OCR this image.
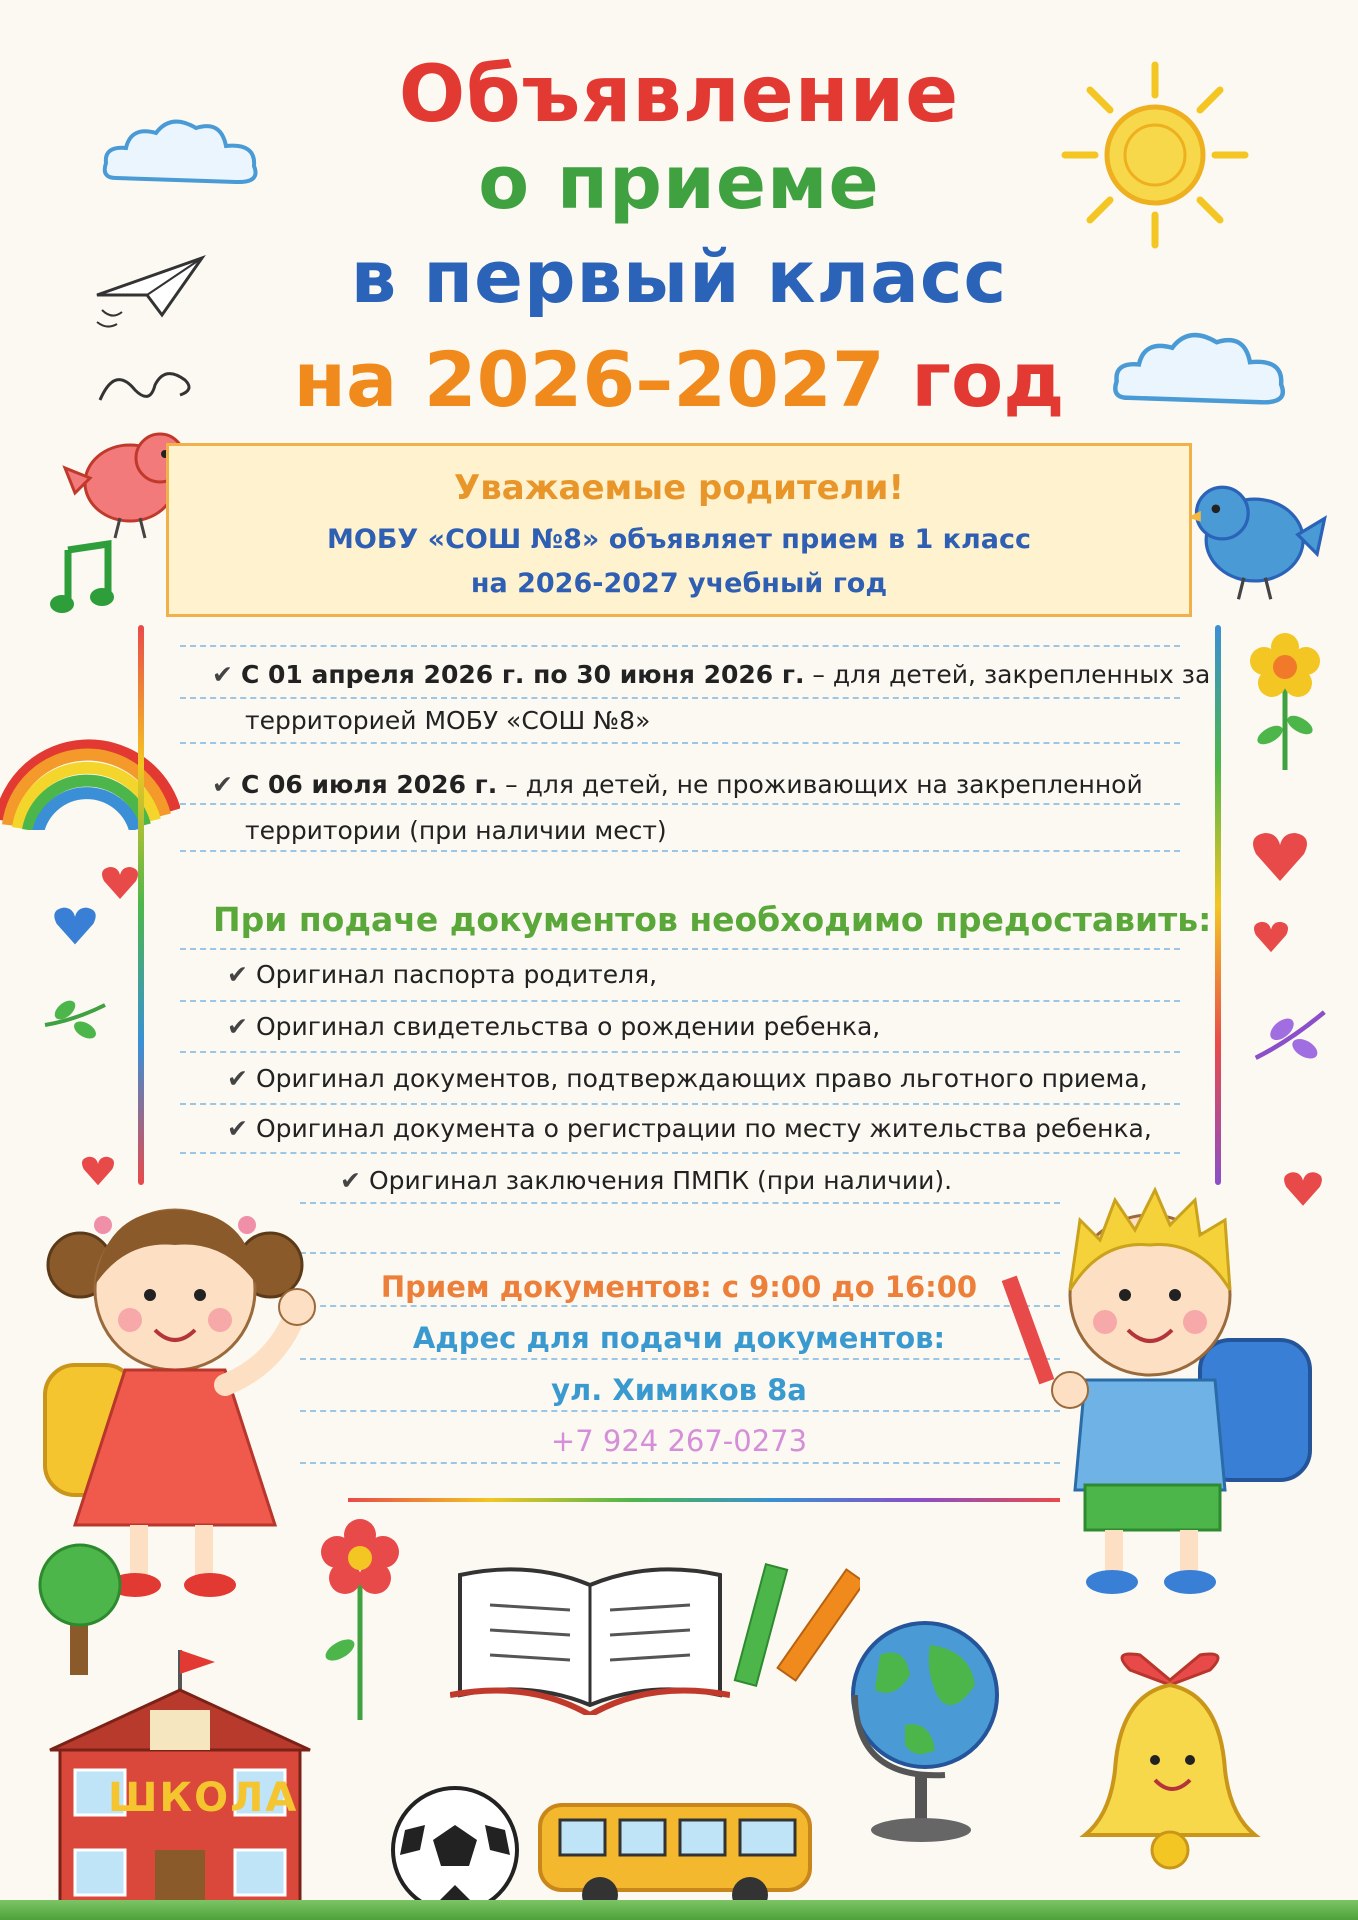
Объявление
о приеме
в первый класс
на 2026–2027 год
Уважаемые родители!
МОБУ «СОШ №8» объявляет прием в 1 класс
на 2026-2027 учебный год
✔ С 01 апреля 2026 г. по 30 июня 2026 г. – для детей, закрепленных за
территорией МОБУ «СОШ №8»
✔ С 06 июля 2026 г. – для детей, не проживающих на закрепленной
территории (при наличии мест)
При подаче документов необходимо предоставить:
✔ Оригинал паспорта родителя,
✔ Оригинал свидетельства о рождении ребенка,
✔ Оригинал документов, подтверждающих право льготного приема,
✔ Оригинал документа о регистрации по месту жительства ребенка,
✔ Оригинал заключения ПМПК (при наличии).
Прием документов: с 9:00 до 16:00
Адрес для подачи документов:
ул. Химиков 8а
+7 924 267-0273
ШКОЛА
